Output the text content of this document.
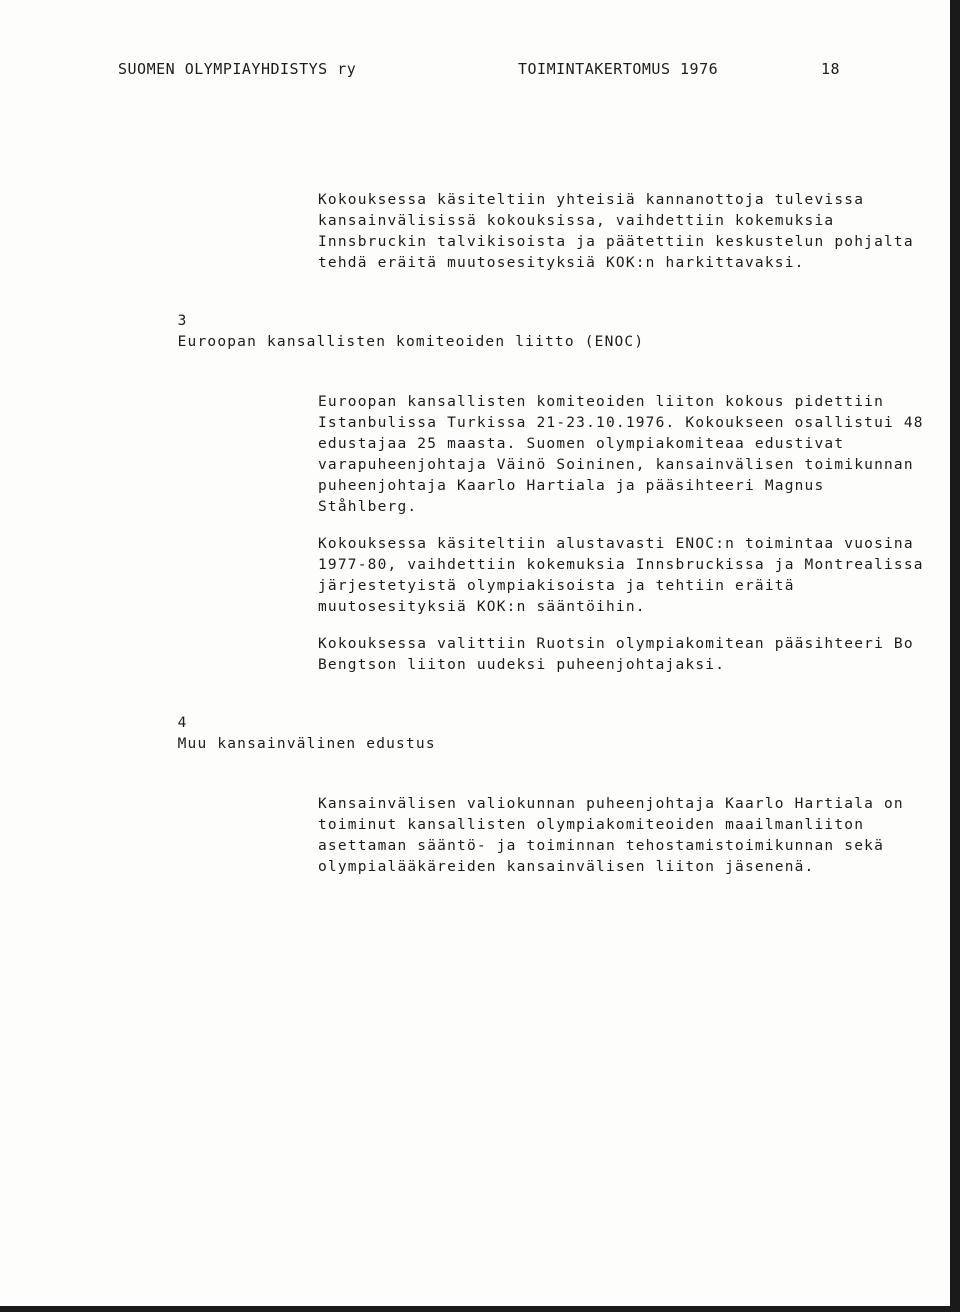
SUOMEN OLYMPIAYHDISTYS ry	TOIMINTAKERTOMUS 1976	18

Kokouksessa käsiteltiin yhteisiä kannanottoja tulevissa kansainvälisissä kokouksissa, vaihdettiin kokemuksia Innsbruckin talvikisoista ja päätettiin keskustelun pohjalta tehdä eräitä muutosesityksiä KOK:n harkittavaksi.

3
Euroopan kansallisten komiteoiden liitto (ENOC)

Euroopan kansallisten komiteoiden liiton kokous pidettiin Istanbulissa Turkissa 21-23.10.1976. Kokoukseen osallistui 48 edustajaa 25 maasta. Suomen olympiakomiteaa edustivat varapuheenjohtaja Väinö Soininen, kansainvälisen toimikunnan puheenjohtaja Kaarlo Hartiala ja pääsihteeri Magnus Ståhlberg.

Kokouksessa käsiteltiin alustavasti ENOC:n toimintaa vuosina 1977-80, vaihdettiin kokemuksia Innsbruckissa ja Montrealissa järjestetyistä olympiakisoista ja tehtiin eräitä muutosesityksiä KOK:n sääntöihin.

Kokouksessa valittiin Ruotsin olympiakomitean pääsihteeri Bo Bengtson liiton uudeksi puheenjohtajaksi.

4
Muu kansainvälinen edustus

Kansainvälisen valiokunnan puheenjohtaja Kaarlo Hartiala on toiminut kansallisten olympiakomiteoiden maailmanliiton asettaman sääntö- ja toiminnan tehostamistoimikunnan sekä olympialääkäreiden kansainvälisen liiton jäsenenä.
